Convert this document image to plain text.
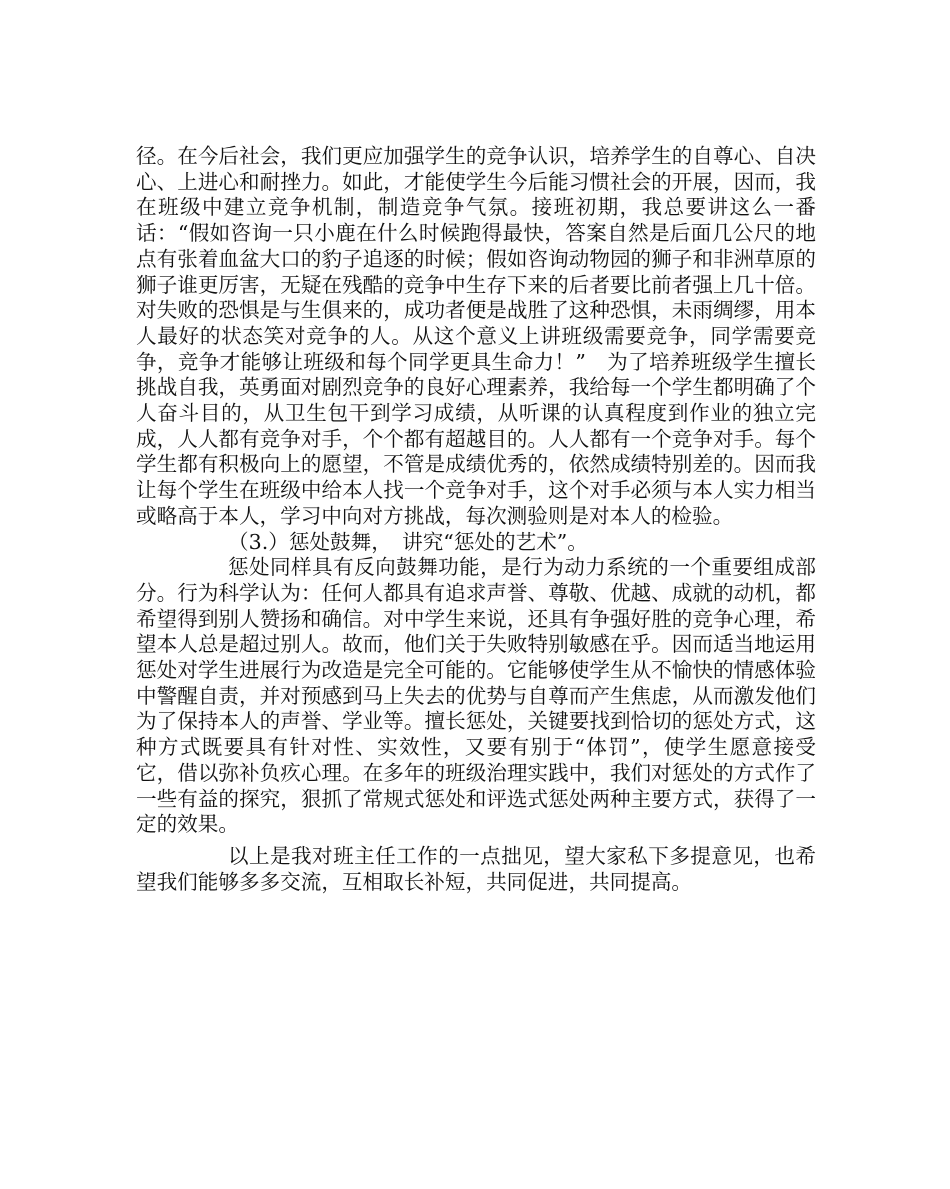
径。在今后社会，我们更应加强学生的竞争认识，培养学生的自尊心、自决心、上进心和耐挫力。如此，才能使学生今后能习惯社会的开展，因而，我在班级中建立竞争机制，制造竞争气氛。接班初期，我总要讲这么一番话：“假如咨询一只小鹿在什么时候跑得最快，答案自然是后面几公尺的地点有张着血盆大口的豹子追逐的时候；假如咨询动物园的狮子和非洲草原的狮子谁更厉害，无疑在残酷的竞争中生存下来的后者要比前者强上几十倍。对失败的恐惧是与生俱来的，成功者便是战胜了这种恐惧，未雨绸缪，用本人最好的状态笑对竞争的人。从这个意义上讲班级需要竞争，同学需要竞争，竞争才能够让班级和每个同学更具生命力！”　为了培养班级学生擅长挑战自我，英勇面对剧烈竞争的良好心理素养，我给每一个学生都明确了个人奋斗目的，从卫生包干到学习成绩，从听课的认真程度到作业的独立完成，人人都有竞争对手，个个都有超越目的。人人都有一个竞争对手。每个学生都有积极向上的愿望，不管是成绩优秀的，依然成绩特别差的。因而我让每个学生在班级中给本人找一个竞争对手，这个对手必须与本人实力相当或略高于本人，学习中向对方挑战，每次测验则是对本人的检验。

（3.）惩处鼓舞，　讲究“惩处的艺术”。

惩处同样具有反向鼓舞功能，是行为动力系统的一个重要组成部分。行为科学认为：任何人都具有追求声誉、尊敬、优越、成就的动机，都希望得到别人赞扬和确信。对中学生来说，还具有争强好胜的竞争心理，希望本人总是超过别人。故而，他们关于失败特别敏感在乎。因而适当地运用惩处对学生进展行为改造是完全可能的。它能够使学生从不愉快的情感体验中警醒自责，并对预感到马上失去的优势与自尊而产生焦虑，从而激发他们为了保持本人的声誉、学业等。擅长惩处，关键要找到恰切的惩处方式，这种方式既要具有针对性、实效性，又要有别于“体罚”，使学生愿意接受它，借以弥补负疚心理。在多年的班级治理实践中，我们对惩处的方式作了一些有益的探究，狠抓了常规式惩处和评选式惩处两种主要方式，获得了一定的效果。

以上是我对班主任工作的一点拙见，望大家私下多提意见，也希望我们能够多多交流，互相取长补短，共同促进，共同提高。
